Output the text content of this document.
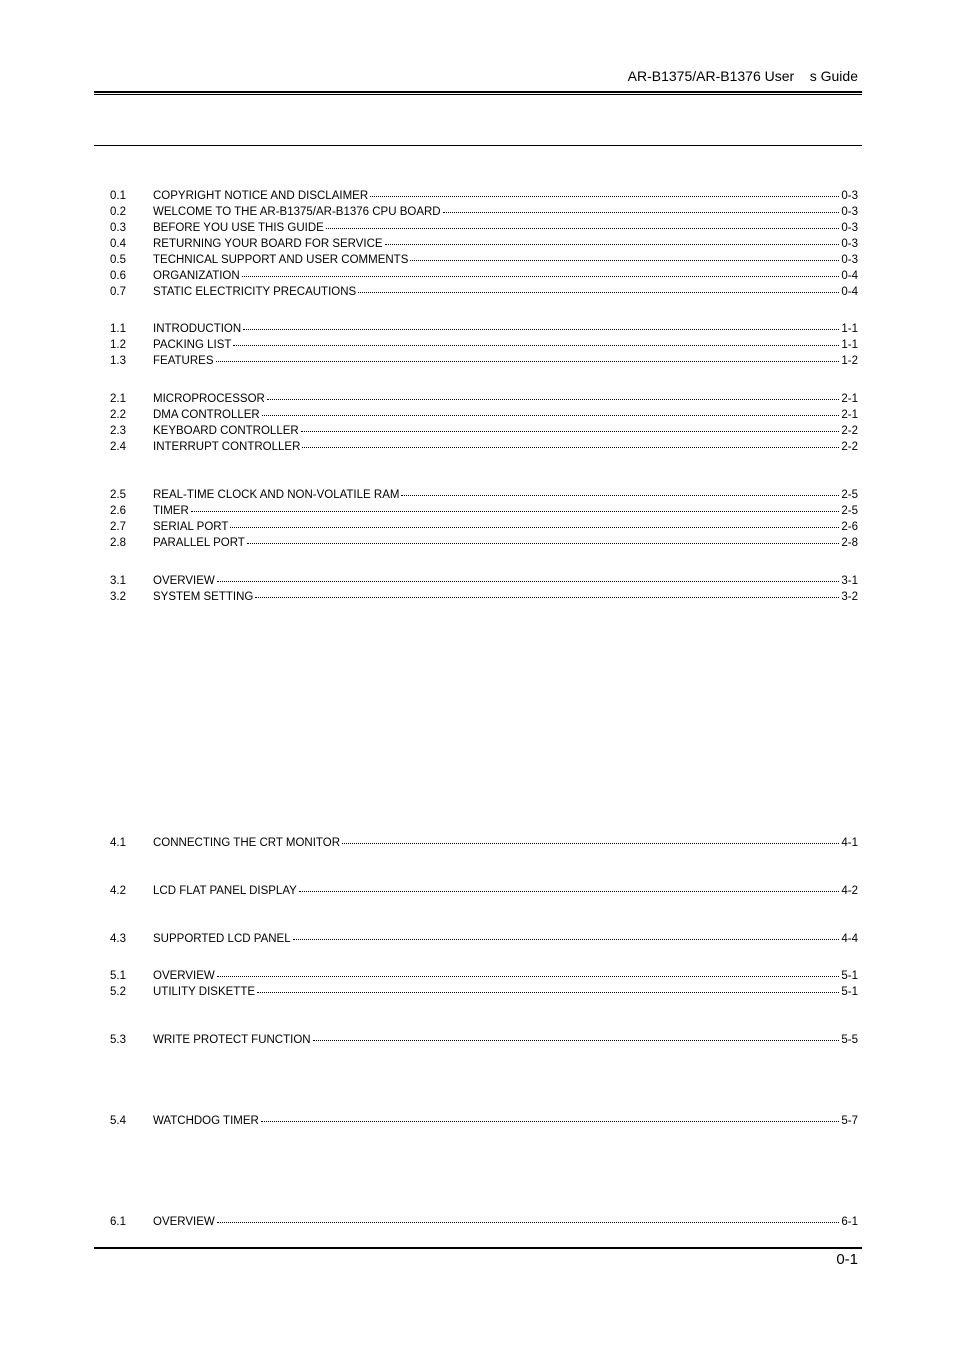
AR-B1375/AR-B1376 User    s Guide
0.1	COPYRIGHT NOTICE AND DISCLAIMER	0-3
0.2	WELCOME TO THE AR-B1375/AR-B1376 CPU BOARD	0-3
0.3	BEFORE YOU USE THIS GUIDE	0-3
0.4	RETURNING YOUR BOARD FOR SERVICE	0-3
0.5	TECHNICAL SUPPORT AND USER COMMENTS	0-3
0.6	ORGANIZATION	0-4
0.7	STATIC ELECTRICITY PRECAUTIONS	0-4
1.1	INTRODUCTION	1-1
1.2	PACKING LIST	1-1
1.3	FEATURES	1-2
2.1	MICROPROCESSOR	2-1
2.2	DMA CONTROLLER	2-1
2.3	KEYBOARD CONTROLLER	2-2
2.4	INTERRUPT CONTROLLER	2-2
2.5	REAL-TIME CLOCK AND NON-VOLATILE RAM	2-5
2.6	TIMER	2-5
2.7	SERIAL PORT	2-6
2.8	PARALLEL PORT	2-8
3.1	OVERVIEW	3-1
3.2	SYSTEM SETTING	3-2
4.1	CONNECTING THE CRT MONITOR	4-1
4.2	LCD FLAT PANEL DISPLAY	4-2
4.3	SUPPORTED LCD PANEL	4-4
5.1	OVERVIEW	5-1
5.2	UTILITY DISKETTE	5-1
5.3	WRITE PROTECT FUNCTION	5-5
5.4	WATCHDOG TIMER	5-7
6.1	OVERVIEW	6-1
0-1
